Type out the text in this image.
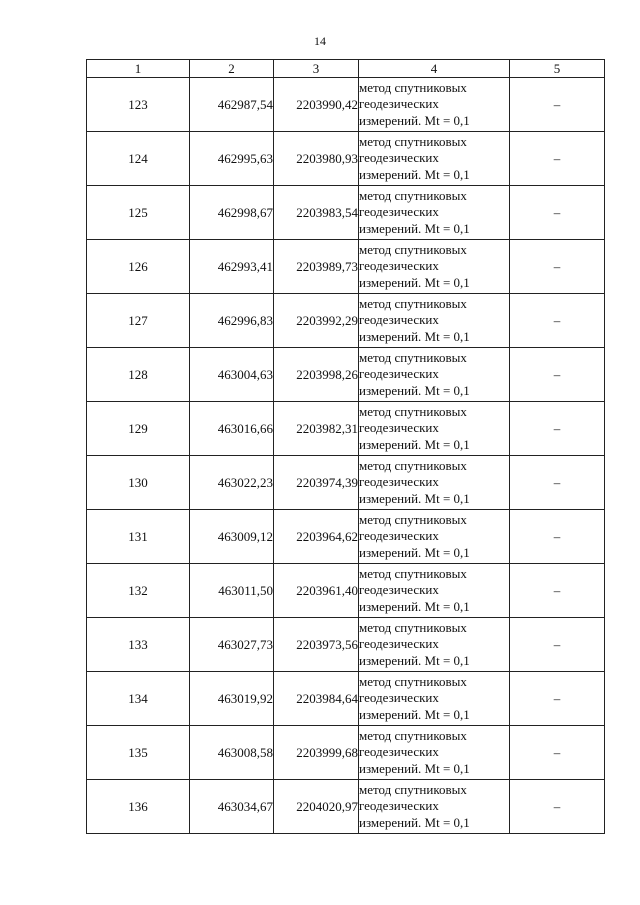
14
1	2	3	4	5
123	462987,54	2203990,42	метод спутниковых
геодезических
измерений. Mt = 0,1	–
124	462995,63	2203980,93	метод спутниковых
геодезических
измерений. Mt = 0,1	–
125	462998,67	2203983,54	метод спутниковых
геодезических
измерений. Mt = 0,1	–
126	462993,41	2203989,73	метод спутниковых
геодезических
измерений. Mt = 0,1	–
127	462996,83	2203992,29	метод спутниковых
геодезических
измерений. Mt = 0,1	–
128	463004,63	2203998,26	метод спутниковых
геодезических
измерений. Mt = 0,1	–
129	463016,66	2203982,31	метод спутниковых
геодезических
измерений. Mt = 0,1	–
130	463022,23	2203974,39	метод спутниковых
геодезических
измерений. Mt = 0,1	–
131	463009,12	2203964,62	метод спутниковых
геодезических
измерений. Mt = 0,1	–
132	463011,50	2203961,40	метод спутниковых
геодезических
измерений. Mt = 0,1	–
133	463027,73	2203973,56	метод спутниковых
геодезических
измерений. Mt = 0,1	–
134	463019,92	2203984,64	метод спутниковых
геодезических
измерений. Mt = 0,1	–
135	463008,58	2203999,68	метод спутниковых
геодезических
измерений. Mt = 0,1	–
136	463034,67	2204020,97	метод спутниковых
геодезических
измерений. Mt = 0,1	–
